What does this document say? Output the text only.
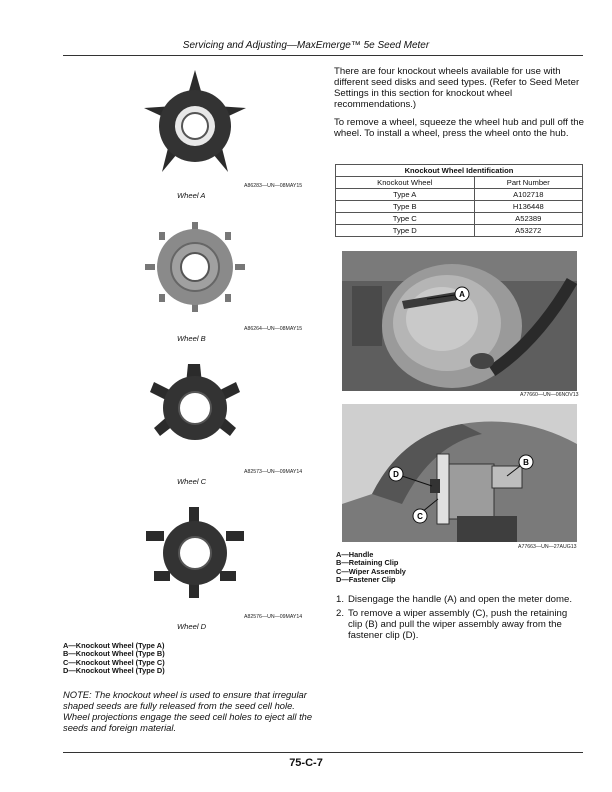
Servicing and Adjusting—MaxEmerge™ 5e Seed Meter
A86283—UN—08MAY15
Wheel A
A86264—UN—08MAY15
Wheel B
A82573—UN—09MAY14
Wheel C
A82576—UN—09MAY14
Wheel D
A—Knockout Wheel (Type A)
B—Knockout Wheel (Type B)
C—Knockout Wheel (Type C)
D—Knockout Wheel (Type D)
NOTE: The knockout wheel is used to ensure that irregular shaped seeds are fully released from the seed cell hole. Wheel projections engage the seed cell holes to eject all the seeds and foreign material.
There are four knockout wheels available for use with different seed disks and seed types. (Refer to Seed Meter Settings in this section for knockout wheel recommendations.)
To remove a wheel, squeeze the wheel hub and pull off the wheel. To install a wheel, press the wheel onto the hub.
Knockout Wheel Identification	
Knockout Wheel	Part Number
Type A	A102718
Type B	H136448
Type C	A52389
Type D	A53272
A
A77660—UN—06NOV13
D
B
C
A77663—UN—27AUG13
A—Handle
B—Retaining Clip
C—Wiper Assembly
D—Fastener Clip
1. Disengage the handle (A) and open the meter dome.
2. To remove a wiper assembly (C), push the retaining clip (B) and pull the wiper assembly away from the fastener clip (D).
75-C-7
